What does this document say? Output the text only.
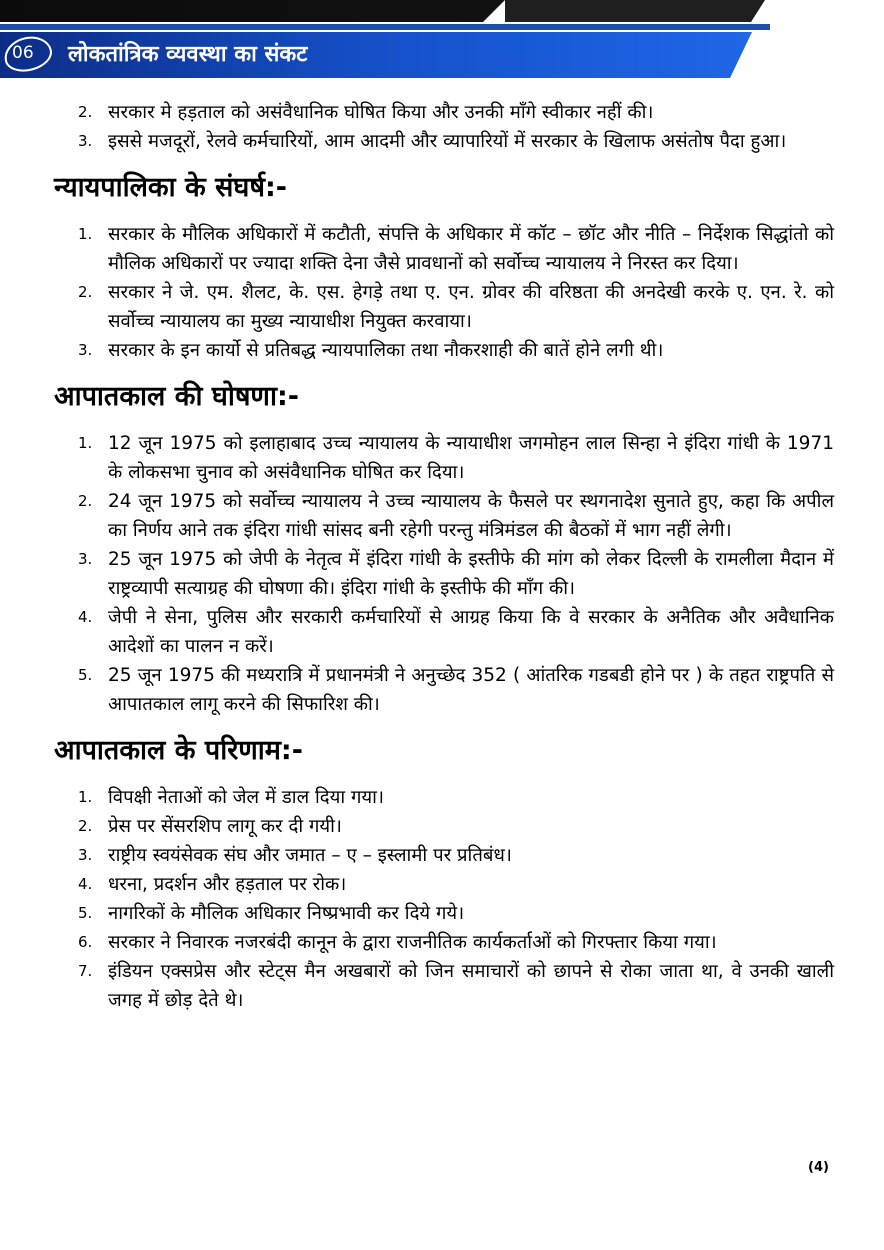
06	लोकतांत्रिक व्यवस्था का संकट
2. सरकार मे हड़ताल को असंवैधानिक घोषित किया और उनकी माँगे स्वीकार नहीं की।
3. इससे मजदूरों, रेलवे कर्मचारियों, आम आदमी और व्यापारियों में सरकार के खिलाफ असंतोष पैदा हुआ।
न्यायपालिका के संघर्ष:-
1. सरकार के मौलिक अधिकारों में कटौती, संपत्ति के अधिकार में कॉट – छॉट और नीति – निर्देशक सिद्धांतो को मौलिक अधिकारों पर ज्यादा शक्ति देना जैसे प्रावधानों को सर्वोच्च न्यायालय ने निरस्त कर दिया।
2. सरकार ने जे. एम. शैलट, के. एस. हेगड़े तथा ए. एन. ग्रोवर की वरिष्ठता की अनदेखी करके ए. एन. रे. को सर्वोच्च न्यायालय का मुख्य न्यायाधीश नियुक्त करवाया।
3. सरकार के इन कार्यो से प्रतिबद्ध न्यायपालिका तथा नौकरशाही की बातें होने लगी थी।
आपातकाल की घोषणा:-
1. 12 जून 1975 को इलाहाबाद उच्च न्यायालय के न्यायाधीश जगमोहन लाल सिन्हा ने इंदिरा गांधी के 1971 के लोकसभा चुनाव को असंवैधानिक घोषित कर दिया।
2. 24 जून 1975 को सर्वोच्च न्यायालय ने उच्च न्यायालय के फैसले पर स्थगनादेश सुनाते हुए, कहा कि अपील का निर्णय आने तक इंदिरा गांधी सांसद बनी रहेगी परन्तु मंत्रिमंडल की बैठकों में भाग नहीं लेगी।
3. 25 जून 1975 को जेपी के नेतृत्व में इंदिरा गांधी के इस्तीफे की मांग को लेकर दिल्ली के रामलीला मैदान में राष्ट्रव्यापी सत्याग्रह की घोषणा की। इंदिरा गांधी के इस्तीफे की माँग की।
4. जेपी ने सेना, पुलिस और सरकारी कर्मचारियों से आग्रह किया कि वे सरकार के अनैतिक और अवैधानिक आदेशों का पालन न करें।
5. 25 जून 1975 की मध्यरात्रि में प्रधानमंत्री ने अनुच्छेद 352 ( आंतरिक गडबडी होने पर ) के तहत राष्ट्रपति से आपातकाल लागू करने की सिफारिश की।
आपातकाल के परिणाम:-
1. विपक्षी नेताओं को जेल में डाल दिया गया।
2. प्रेस पर सेंसरशिप लागू कर दी गयी।
3. राष्ट्रीय स्वयंसेवक संघ और जमात – ए – इस्लामी पर प्रतिबंध।
4. धरना, प्रदर्शन और हड़ताल पर रोक।
5. नागरिकों के मौलिक अधिकार निष्प्रभावी कर दिये गये।
6. सरकार ने निवारक नजरबंदी कानून के द्वारा राजनीतिक कार्यकर्ताओं को गिरफ्तार किया गया।
7. इंडियन एक्सप्रेस और स्टेट्स मैन अखबारों को जिन समाचारों को छापने से रोका जाता था, वे उनकी खाली जगह में छोड़ देते थे।
(4)
